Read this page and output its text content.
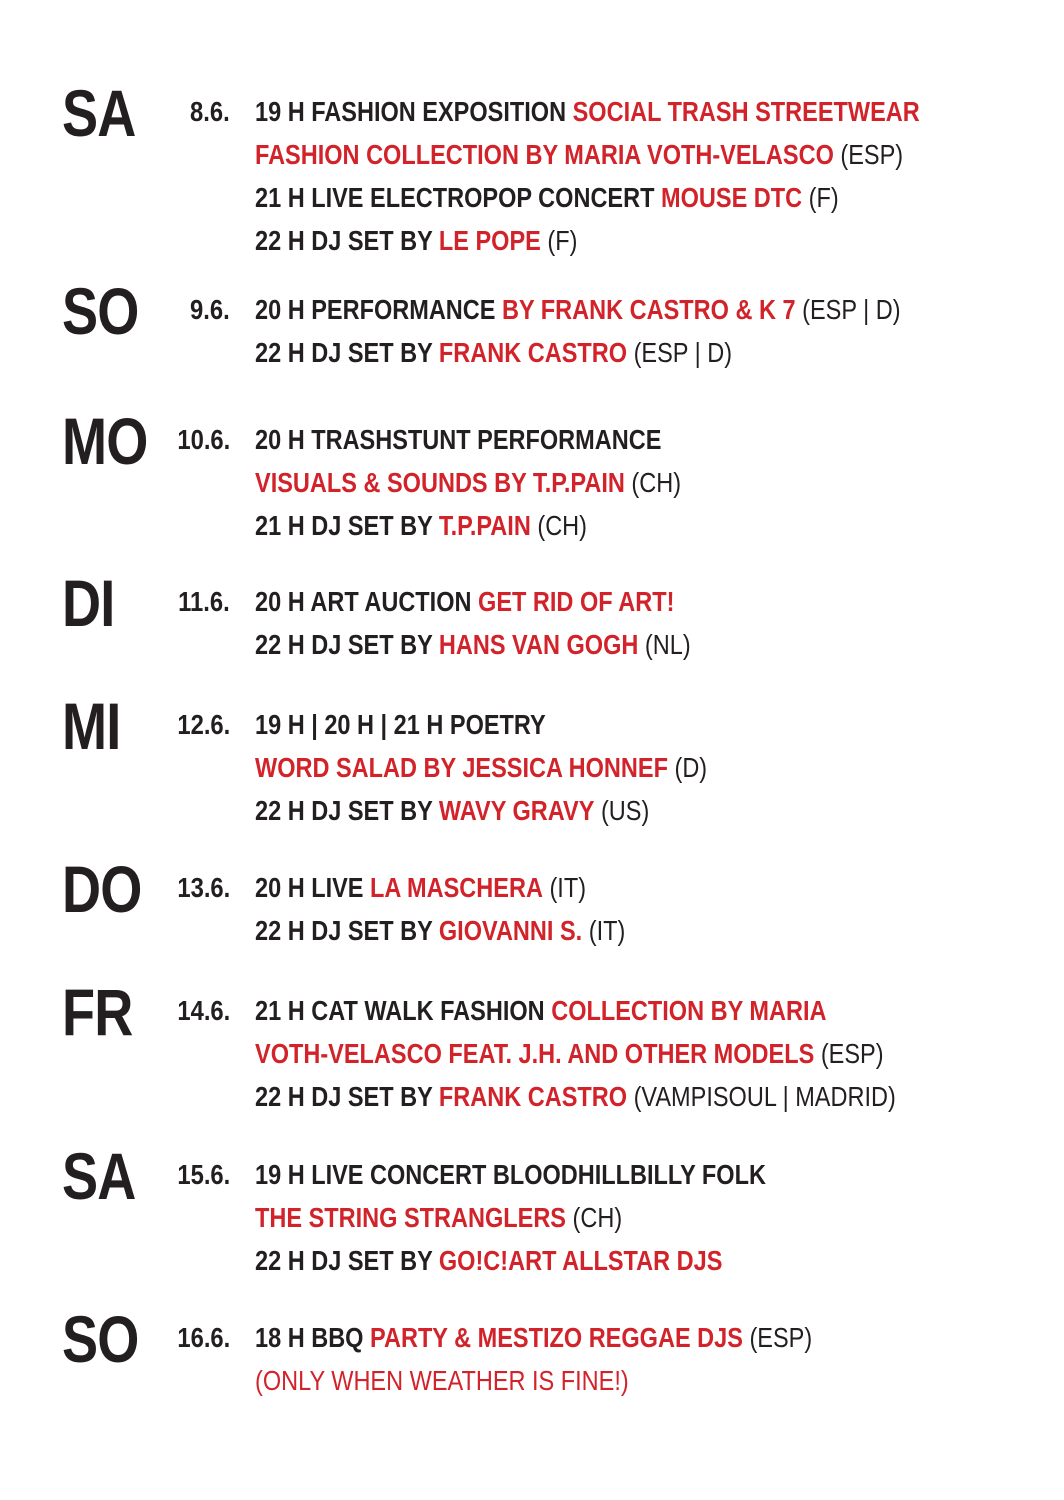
SA 8.6. 19 H FASHION EXPOSITION SOCIAL TRASH STREETWEAR
FASHION COLLECTION BY MARIA VOTH-VELASCO (ESP)
21 H LIVE ELECTROPOP CONCERT MOUSE DTC (F)
22 H DJ SET BY LE POPE (F)
SO 9.6. 20 H PERFORMANCE BY FRANK CASTRO & K 7 (ESP | D)
22 H DJ SET BY FRANK CASTRO (ESP | D)
MO 10.6. 20 H TRASHSTUNT PERFORMANCE
VISUALS & SOUNDS BY T.P.PAIN (CH)
21 H DJ SET BY T.P.PAIN (CH)
DI 11.6. 20 H ART AUCTION GET RID OF ART!
22 H DJ SET BY HANS VAN GOGH (NL)
MI 12.6. 19 H | 20 H | 21 H POETRY
WORD SALAD BY JESSICA HONNEF (D)
22 H DJ SET BY WAVY GRAVY (US)
DO 13.6. 20 H LIVE LA MASCHERA (IT)
22 H DJ SET BY GIOVANNI S. (IT)
FR 14.6. 21 H CAT WALK FASHION COLLECTION BY MARIA
VOTH-VELASCO FEAT. J.H. AND OTHER MODELS (ESP)
22 H DJ SET BY FRANK CASTRO (VAMPISOUL | MADRID)
SA 15.6. 19 H LIVE CONCERT BLOODHILLBILLY FOLK
THE STRING STRANGLERS (CH)
22 H DJ SET BY GO!C!ART ALLSTAR DJS
SO 16.6. 18 H BBQ PARTY & MESTIZO REGGAE DJS (ESP)
(ONLY WHEN WEATHER IS FINE!)
